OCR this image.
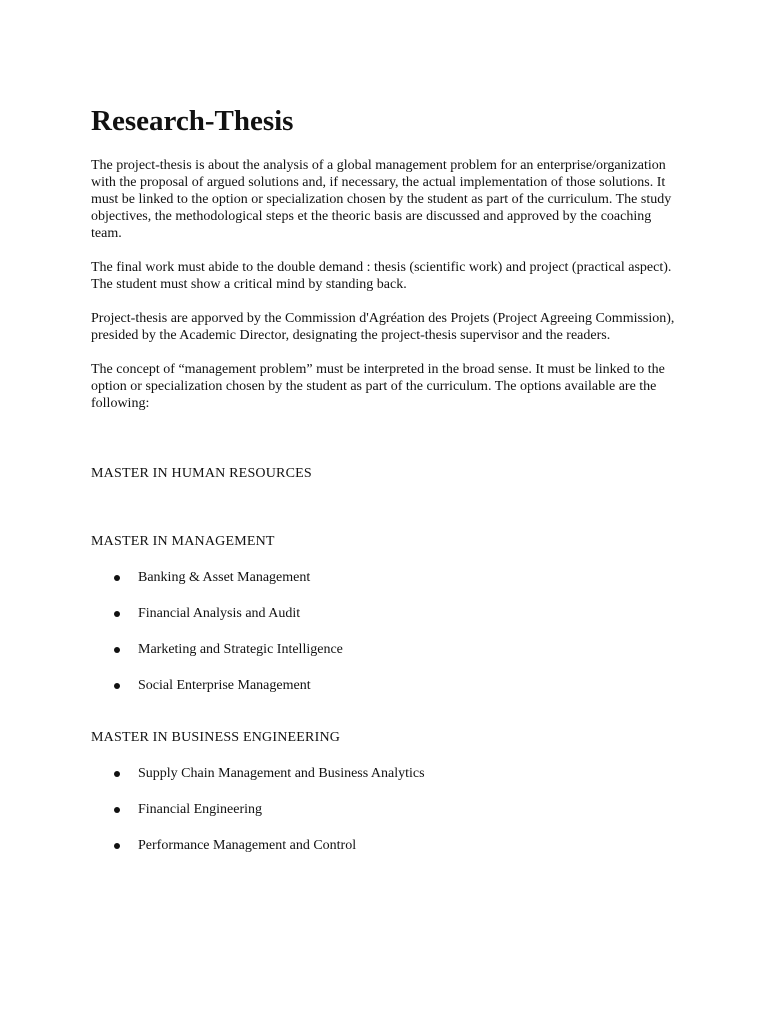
Research-Thesis

The project-thesis is about the analysis of a global management problem for an enterprise/organization with the proposal of argued solutions and, if necessary, the actual implementation of those solutions. It must be linked to the option or specialization chosen by the student as part of the curriculum. The study objectives, the methodological steps et the theoric basis are discussed and approved by the coaching team.

The final work must abide to the double demand : thesis (scientific work) and project (practical aspect). The student must show a critical mind by standing back.

Project-thesis are apporved by the Commission d'Agréation des Projets (Project Agreeing Commission), presided by the Academic Director, designating the project-thesis supervisor and the readers.

The concept of “management problem” must be interpreted in the broad sense. It must be linked to the option or specialization chosen by the student as part of the curriculum. The options available are the following:

MASTER IN HUMAN RESOURCES
MASTER IN MANAGEMENT
Banking & Asset Management
Financial Analysis and Audit
Marketing and Strategic Intelligence
Social Enterprise Management
MASTER IN BUSINESS ENGINEERING
Supply Chain Management and Business Analytics
Financial Engineering
Performance Management and Control
